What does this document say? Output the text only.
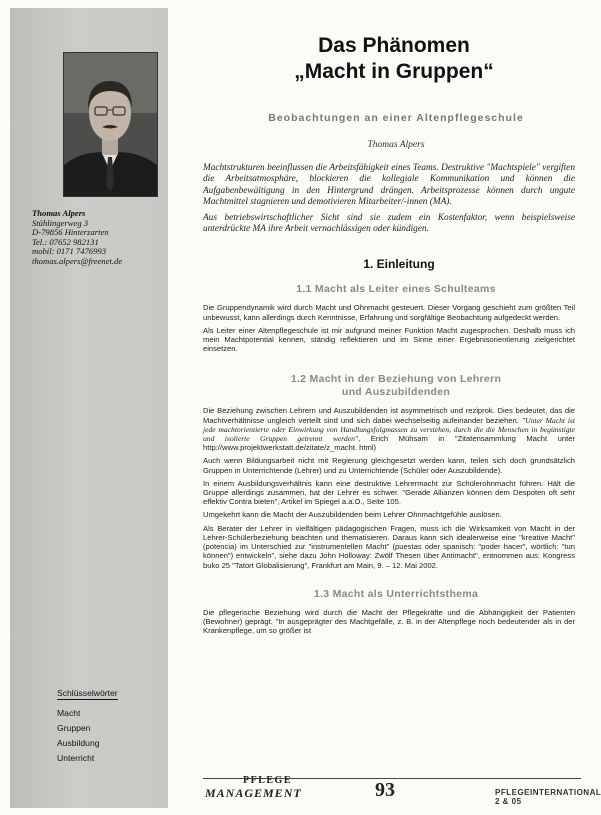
Thomas Alpers
Stühlingerweg 3
D-79856 Hinterzarten
Tel.: 07652 982131
mobil: 0171 7476993
thomas.alpers@freenet.de
Schlüsselwörter
Macht
Gruppen
Ausbildung
Unterricht
Das Phänomen
„Macht in Gruppen“
Beobachtungen an einer Altenpflegeschule
Thomas Alpers

Machtstrukturen beeinflussen die Arbeitsfähigkeit eines Teams. Destruktive "Machtspiele" vergiften die Arbeitsatmosphäre, blockieren die kollegiale Kommunikation und können die Aufgabenbewältigung in den Hintergrund drängen. Arbeitsprozesse können durch ungute Machtmittel stagnieren und demotivieren Mitarbeiter/-innen (MA).

Aus betriebswirtschaftlicher Sicht sind sie zudem ein Kostenfaktor, wenn beispielsweise unterdrückte MA ihre Arbeit vernachlässigen oder kündigen.

1. Einleitung
1.1 Macht als Leiter eines Schulteams

Die Gruppendynamik wird durch Macht und Ohnmacht gesteuert. Dieser Vorgang geschieht zum größten Teil unbewusst, kann allerdings durch Kenntnisse, Erfahrung und sorgfältige Beobachtung aufgedeckt werden.

Als Leiter einer Altenpflegeschule ist mir aufgrund meiner Funktion Macht zugesprochen. Deshalb muss ich mein Machtpotential kennen, ständig reflektieren und im Sinne einer Ergebnisorientierung zielgerichtet einsetzen.

1.2 Macht in der Beziehung von Lehrern
und Auszubildenden

Die Beziehung zwischen Lehrern und Auszubildenden ist asymmetrisch und reziprok. Dies bedeutet, das die Machtverhältnisse ungleich verteilt sind und sich dabei wechselseitig aufeinander beziehen. "Unter Macht ist jede machtorientierte oder Einwirkung von Handlungsfolgmassen zu verstehen, durch die die Menschen in begünstigte und isolierte Gruppen getrennt werden", Erich Mühsam in "Zitatensammlung Macht unter http://www.projektwerkstatt.de/zitate/z_macht. html)

Auch wenn Bildungsarbeit nicht mit Regierung gleichgesetzt werden kann, teilen sich doch grundsätzlich Gruppen in Unterrichtende (Lehrer) und zu Unterrichtende (Schüler oder Auszubildende).

In einem Ausbildungsverhältnis kann eine destruktive Lehrermacht zur Schülerohnmacht führen. Hält die Gruppe allerdings zusammen, hat der Lehrer es schwer. "Gerade Allianzen können dem Despoten oft sehr effektiv Contra bieten", Artikel im Spiegel a.a.O., Seite 105.

Umgekehrt kann die Macht der Auszubildenden beim Lehrer Ohnmachtgefühle auslösen.

Als Berater der Lehrer in vielfältigen pädagogischen Fragen, muss ich die Wirksamkeit von Macht in der Lehrer-Schülerbeziehung beachten und thematisieren. Daraus kann sich idealerweise eine "kreative Macht" (potencia) im Unterschied zur "instrumentellen Macht" (puestas oder spanisch: "poder hacer", wörtlich: "tun können") entwickeln", siehe dazu John Holloway: Zwölf Thesen über Antimacht", entnommen aus: Kongress buko 25 "Tatort Globalisierung", Frankfurt am Main, 9. – 12. Mai 2002.

1.3 Macht als Unterrichtsthema

Die pflegerische Beziehung wird durch die Macht der Pflegekräfte und die Abhängigkeit der Patienten (Bewohner) geprägt. "In ausgeprägter des Machtgefälle, z. B. in der Altenpflege noch bedeutender als in der Krankenpflege, um so größer ist

PFLEGE
MANAGEMENT	93	PFLEGEINTERNATIONAL 2 & 05
